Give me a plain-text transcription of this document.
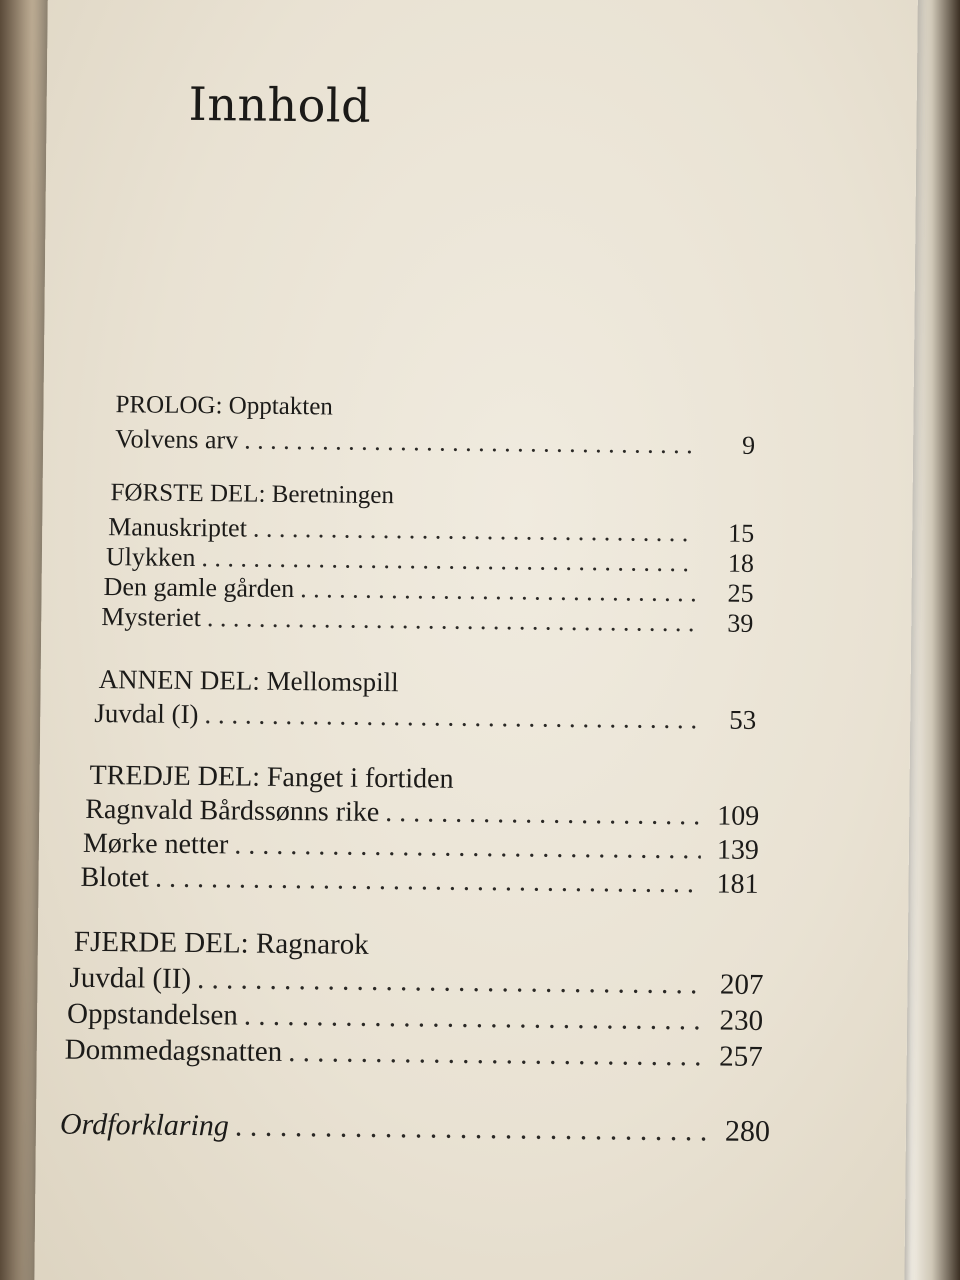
Innhold
PROLOG: Opptakten
Volvens arv . . .	9
FØRSTE DEL: Beretningen
Manuskriptet . . .	15
Ulykken . . .	18
Den gamle gården . . .	25
Mysteriet . . .	39
ANNEN DEL: Mellomspill
Juvdal (I) . . .	53
TREDJE DEL: Fanget i fortiden
Ragnvald Bårdssønns rike . . .	109
Mørke netter . . .	139
Blotet . . .	181
FJERDE DEL: Ragnarok
Juvdal (II) . . .	207
Oppstandelsen . . .	230
Dommedagsnatten . . .	257
Ordforklaring . . .	280
